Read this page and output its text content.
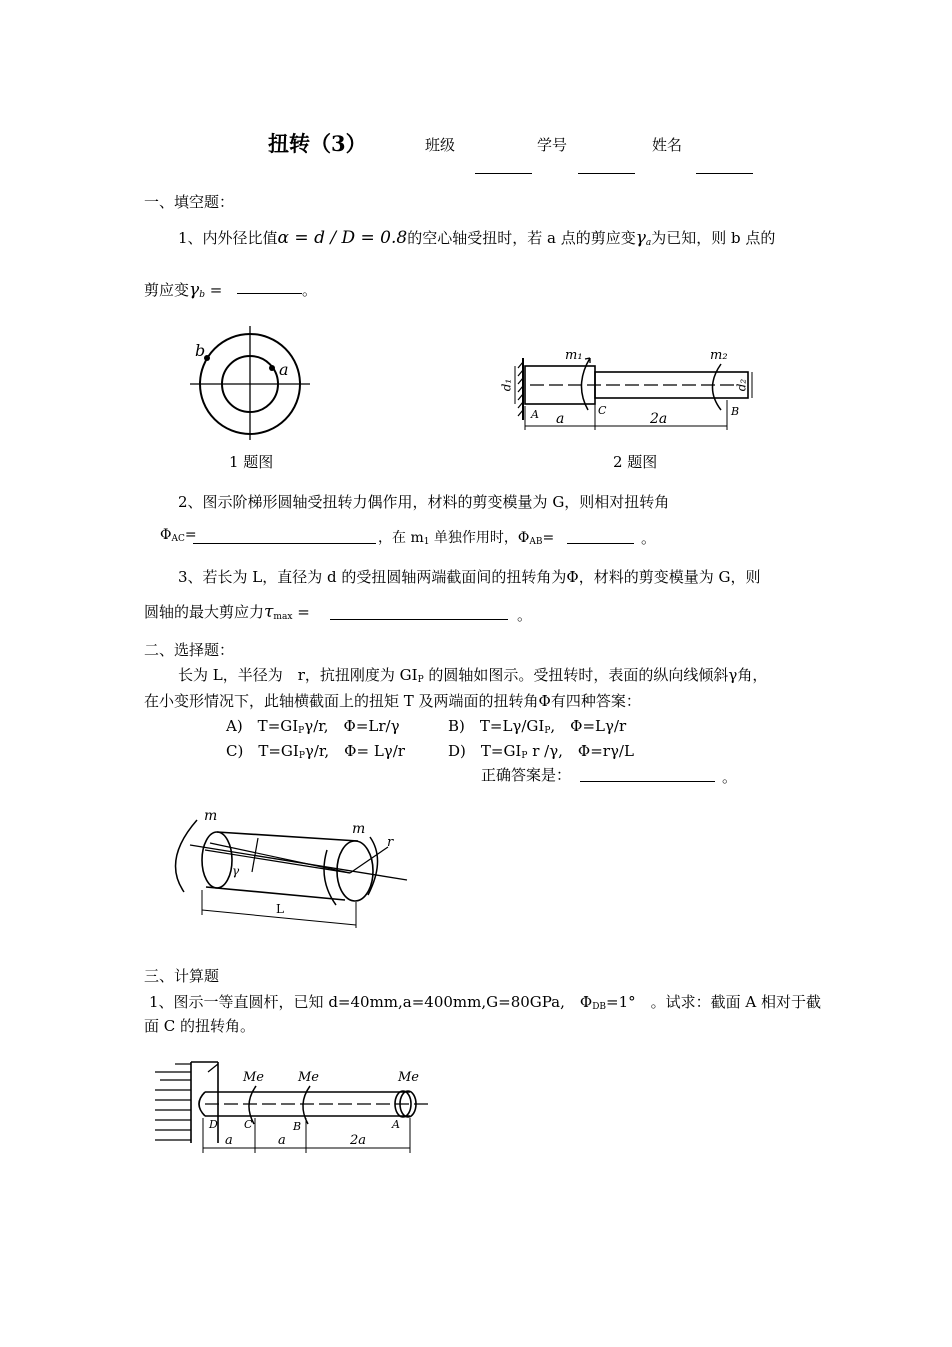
扭转（3）	班级	学号	姓名
一、填空题：
1、内外径比值α = d / D = 0.8的空心轴受扭时，若 a 点的剪应变$\gamma_a$为已知，则 b 点的
剪应变$\gamma_b$ =	。
a
b
1 题图
m₁	m₂
d₁	d₂
A	C	B
a	2a
2 题图
2、图示阶梯形圆轴受扭转力偶作用，材料的剪变模量为 G，则相对扭转角
$\Phi_{AC}=$	，在 $m_1$ 单独作用时，$\Phi_{AB}=$	。
3、若长为 L，直径为 d 的受扭圆轴两端截面间的扭转角为Φ，材料的剪变模量为 G，则
圆轴的最大剪应力$\tau_{max}$ =	。
二、选择题：
长为 L，半径为　r，抗扭刚度为 $GI_P$ 的圆轴如图示。受扭转时，表面的纵向线倾斜γ角，
在小变形情况下，此轴横截面上的扭矩 T 及两端面的扭转角Φ有四种答案：
A)　$T=GI_P\gamma/r$,　Φ=Lr/γ	B)　$T=L\gamma/GI_P$,　Φ=Lγ/r
C)　$T=GI_P\gamma/r$,　Φ= Lγ/r	D)　$T=GI_P$ r /γ,　Φ=rγ/L
正确答案是：	。
m
m
r
γ
L
三、计算题
1、图示一等直圆杆，已知 d=40mm,a=400mm,G=80GPa,　$\Phi_{DB}=1^\circ$　。试求：截面 A 相对于截
面 C 的扭转角。
Me	Me	Me
D C	B	A
a	a	2a
